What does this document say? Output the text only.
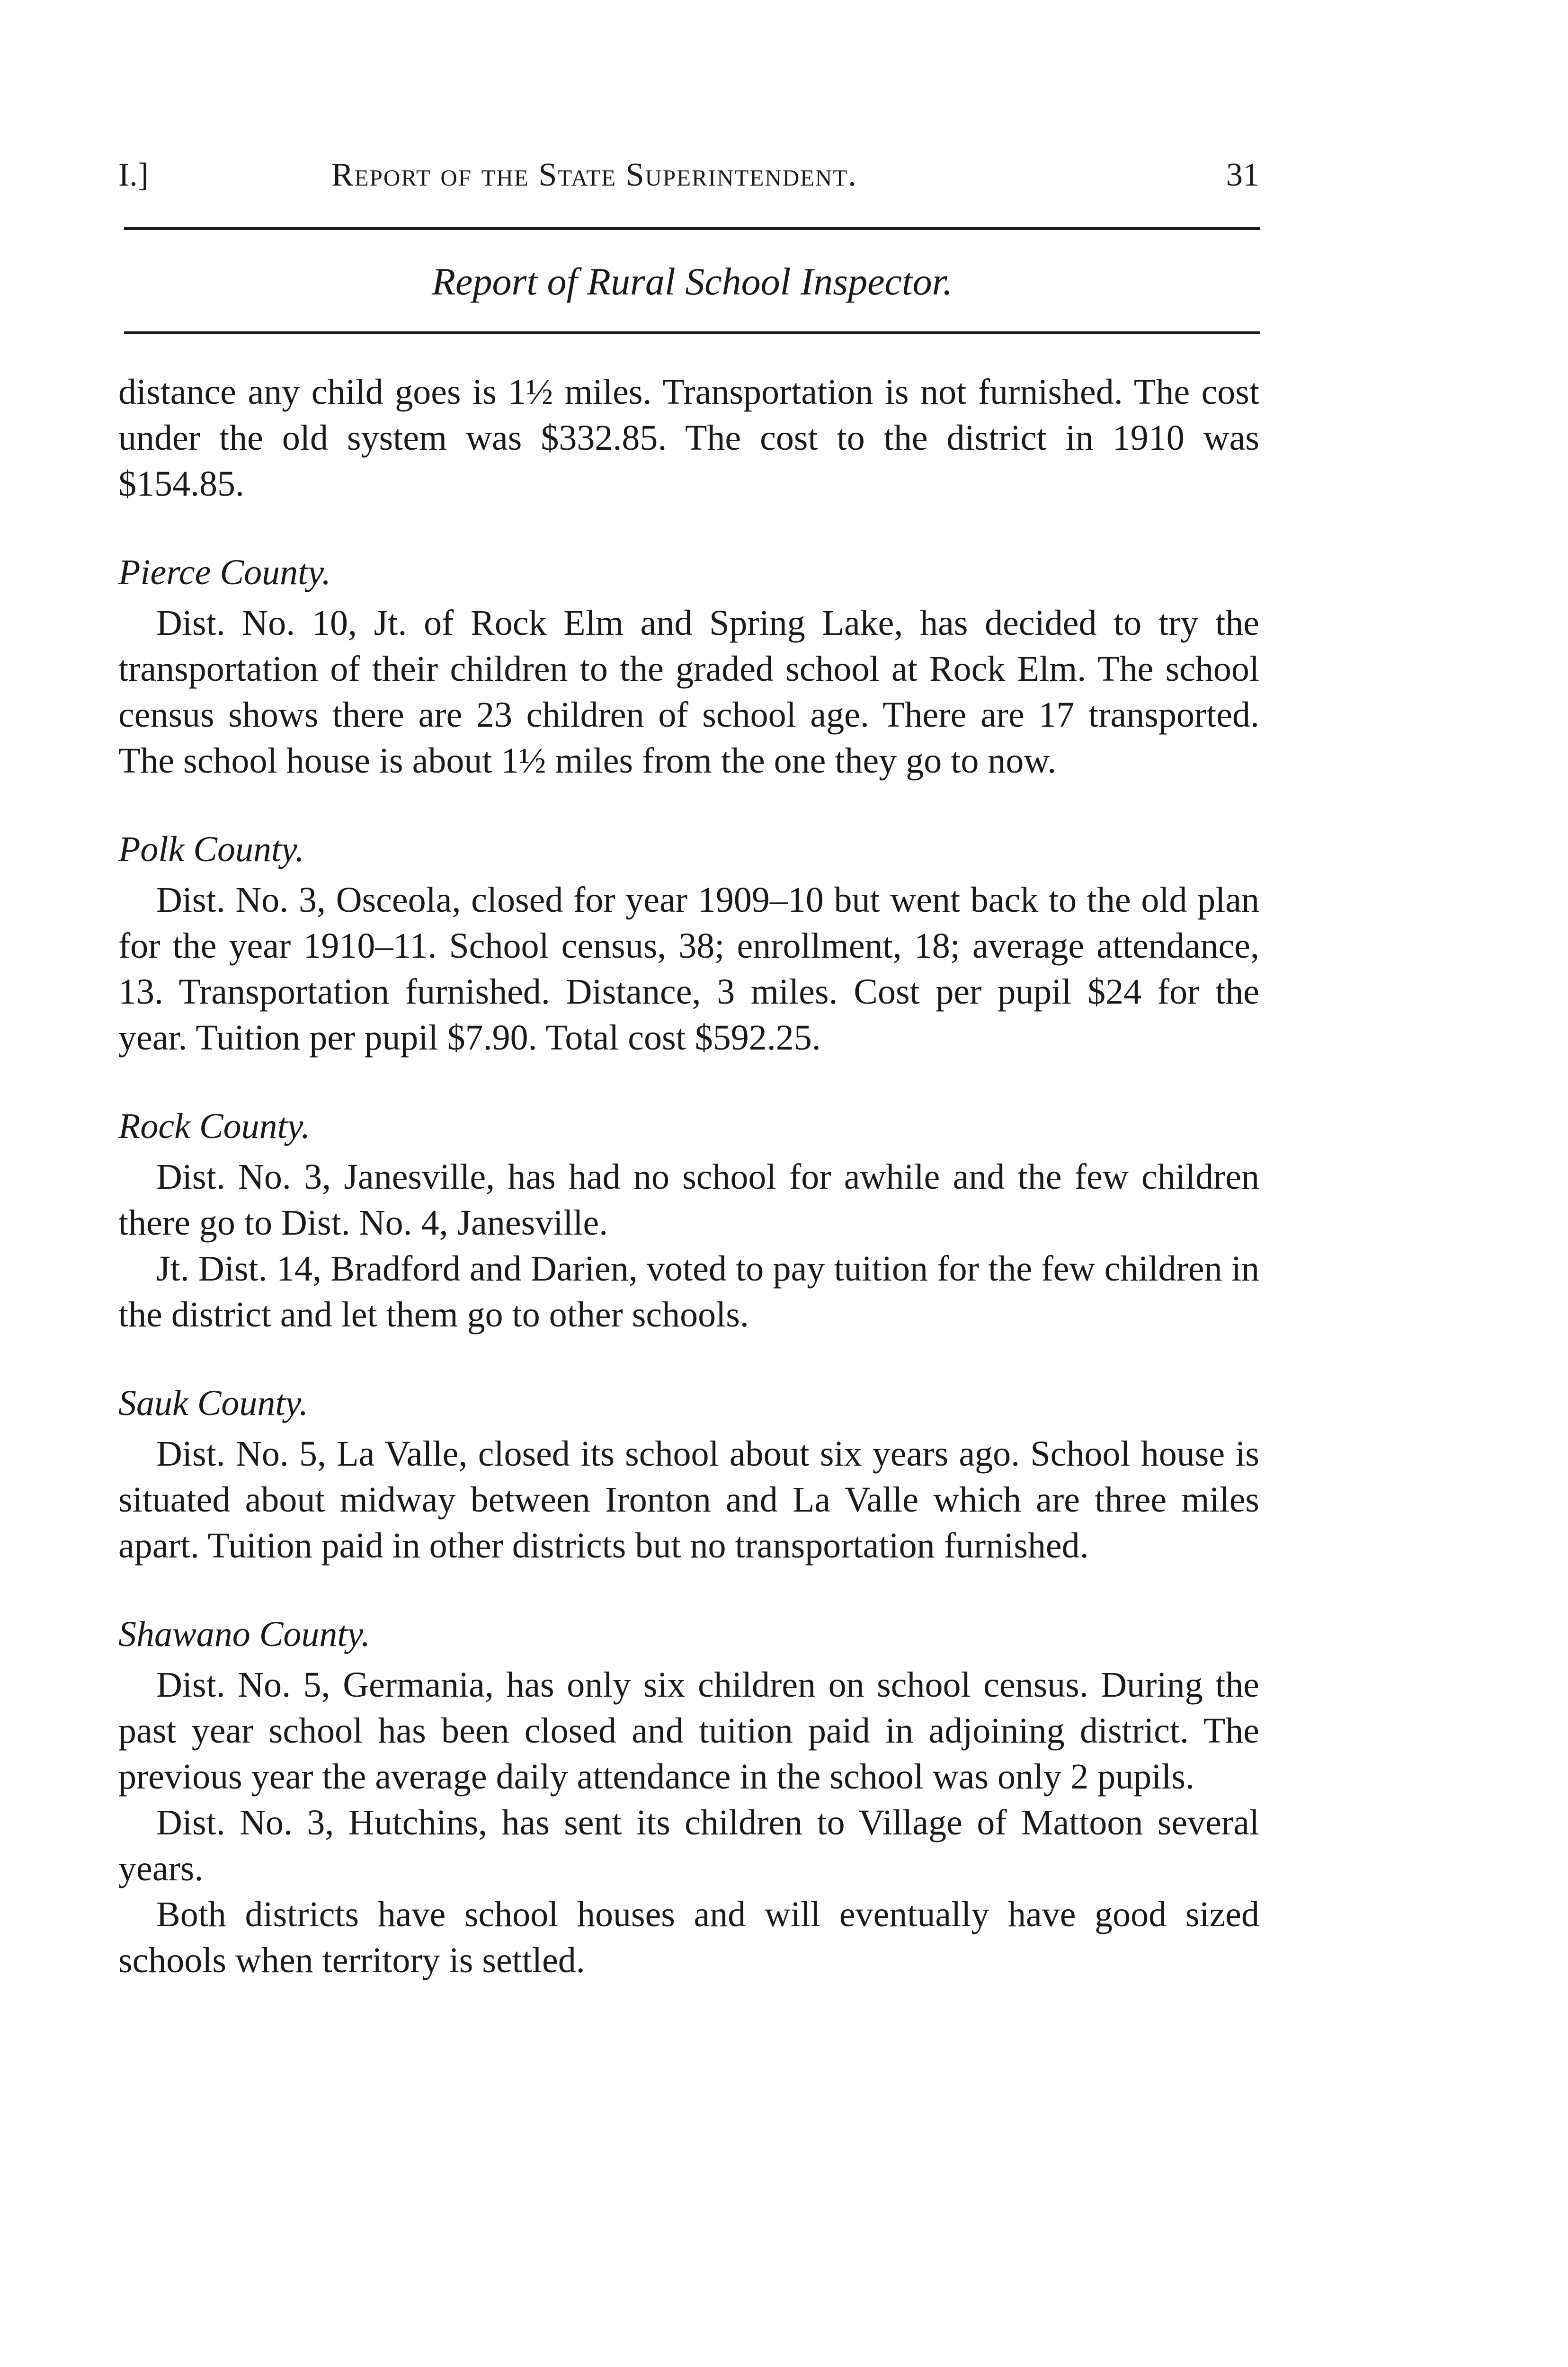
I.]	Report of the State Superintendent.	31
Report of Rural School Inspector.

distance any child goes is 1½ miles. Transportation is not furnished. The cost under the old system was $332.85. The cost to the district in 1910 was $154.85.

Pierce County.

Dist. No. 10, Jt. of Rock Elm and Spring Lake, has decided to try the transportation of their children to the graded school at Rock Elm. The school census shows there are 23 children of school age. There are 17 transported. The school house is about 1½ miles from the one they go to now.

Polk County.

Dist. No. 3, Osceola, closed for year 1909–10 but went back to the old plan for the year 1910–11. School census, 38; enrollment, 18; average attendance, 13. Transportation furnished. Distance, 3 miles. Cost per pupil $24 for the year. Tuition per pupil $7.90. Total cost $592.25.

Rock County.

Dist. No. 3, Janesville, has had no school for awhile and the few children there go to Dist. No. 4, Janesville.

Jt. Dist. 14, Bradford and Darien, voted to pay tuition for the few children in the district and let them go to other schools.

Sauk County.

Dist. No. 5, La Valle, closed its school about six years ago. School house is situated about midway between Ironton and La Valle which are three miles apart. Tuition paid in other districts but no transportation furnished.

Shawano County.

Dist. No. 5, Germania, has only six children on school census. During the past year school has been closed and tuition paid in adjoining district. The previous year the average daily attendance in the school was only 2 pupils.

Dist. No. 3, Hutchins, has sent its children to Village of Mattoon several years.

Both districts have school houses and will eventually have good sized schools when territory is settled.
